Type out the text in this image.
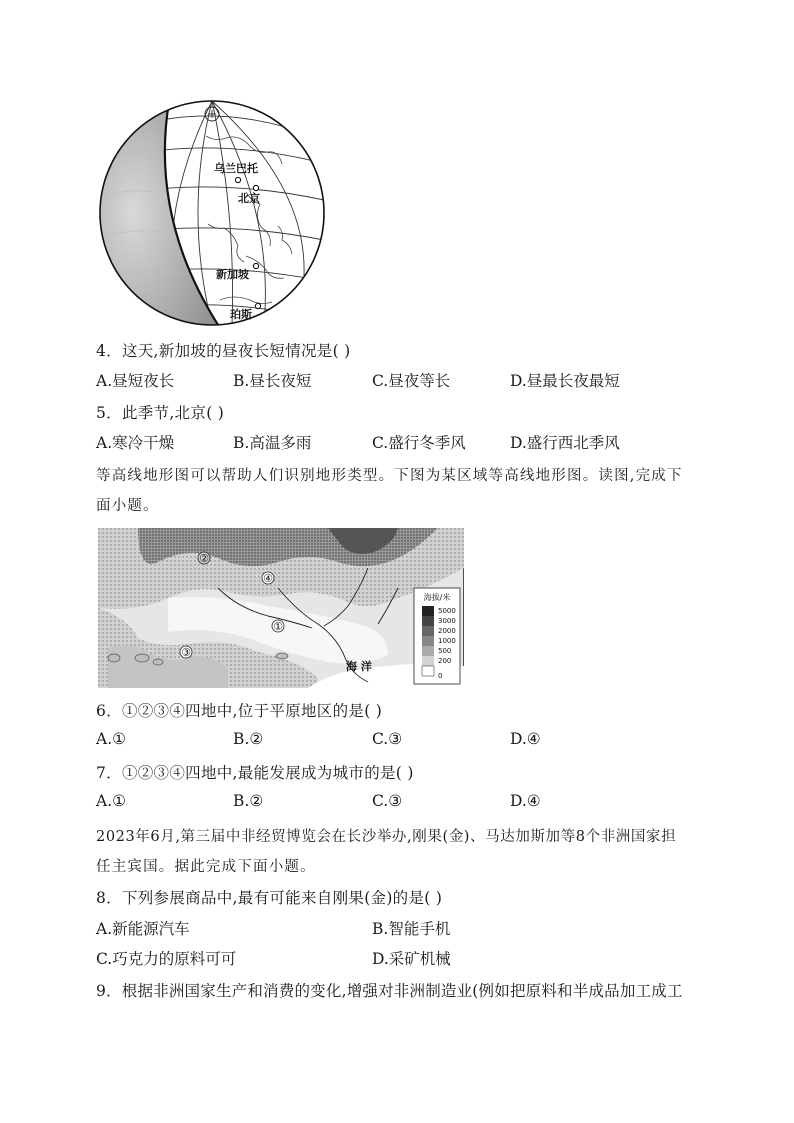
乌兰巴托
北京
新加坡
珀斯
4．这天,新加坡的昼夜长短情况是( )
A.昼短夜长	B.昼长夜短	C.昼夜等长	D.昼最长夜最短
5．此季节,北京( )
A.寒冷干燥	B.高温多雨	C.盛行冬季风	D.盛行西北季风
等高线地形图可以帮助人们识别地形类型。下图为某区域等高线地形图。读图,完成下
面小题。
①
②
③
④
海 洋
海拔/米
5000
3000
2000
1000
500
200
0
6．①②③④四地中,位于平原地区的是( )
A.①	B.②	C.③	D.④
7．①②③④四地中,最能发展成为城市的是( )
A.①	B.②	C.③	D.④
2023年6月,第三届中非经贸博览会在长沙举办,刚果(金)、马达加斯加等8个非洲国家担
任主宾国。据此完成下面小题。
8．下列参展商品中,最有可能来自刚果(金)的是( )
A.新能源汽车	B.智能手机
C.巧克力的原料可可	D.采矿机械
9．根据非洲国家生产和消费的变化,增强对非洲制造业(例如把原料和半成品加工成工
